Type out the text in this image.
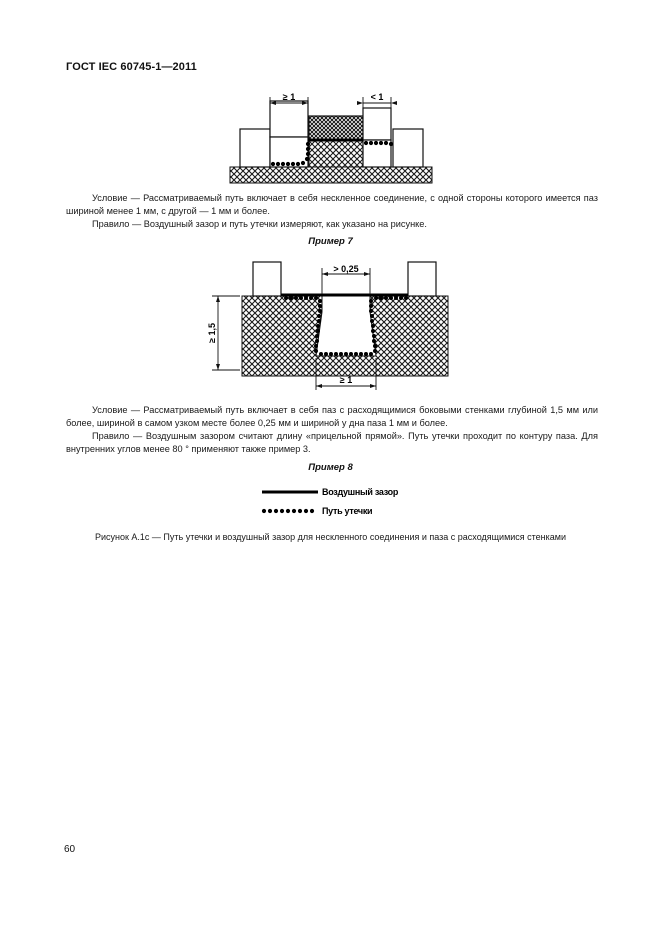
ГОСТ IEC 60745-1—2011
≥ 1	< 1

Условие — Рассматриваемый путь включает в себя нескленное соединение, с одной стороны которого имеется паз шириной менее 1 мм, с другой — 1 мм и более.

Правило — Воздушный зазор и путь утечки измеряют, как указано на рисунке.

Пример 7
> 0,25
≥ 1,5
≥ 1

Условие — Рассматриваемый путь включает в себя паз с расходящимися боковыми стенками глубиной 1,5 мм или более, шириной в самом узком месте более 0,25 мм и шириной у дна паза 1 мм и более.

Правило — Воздушным зазором считают длину «прицельной прямой». Путь утечки проходит по контуру паза. Для внутренних углов менее 80 ° применяют также пример 3.

Пример 8
Воздушный зазор
Путь утечки
Рисунок А.1с — Путь утечки и воздушный зазор для нескленного соединения и паза с расходящимися стенками
60
